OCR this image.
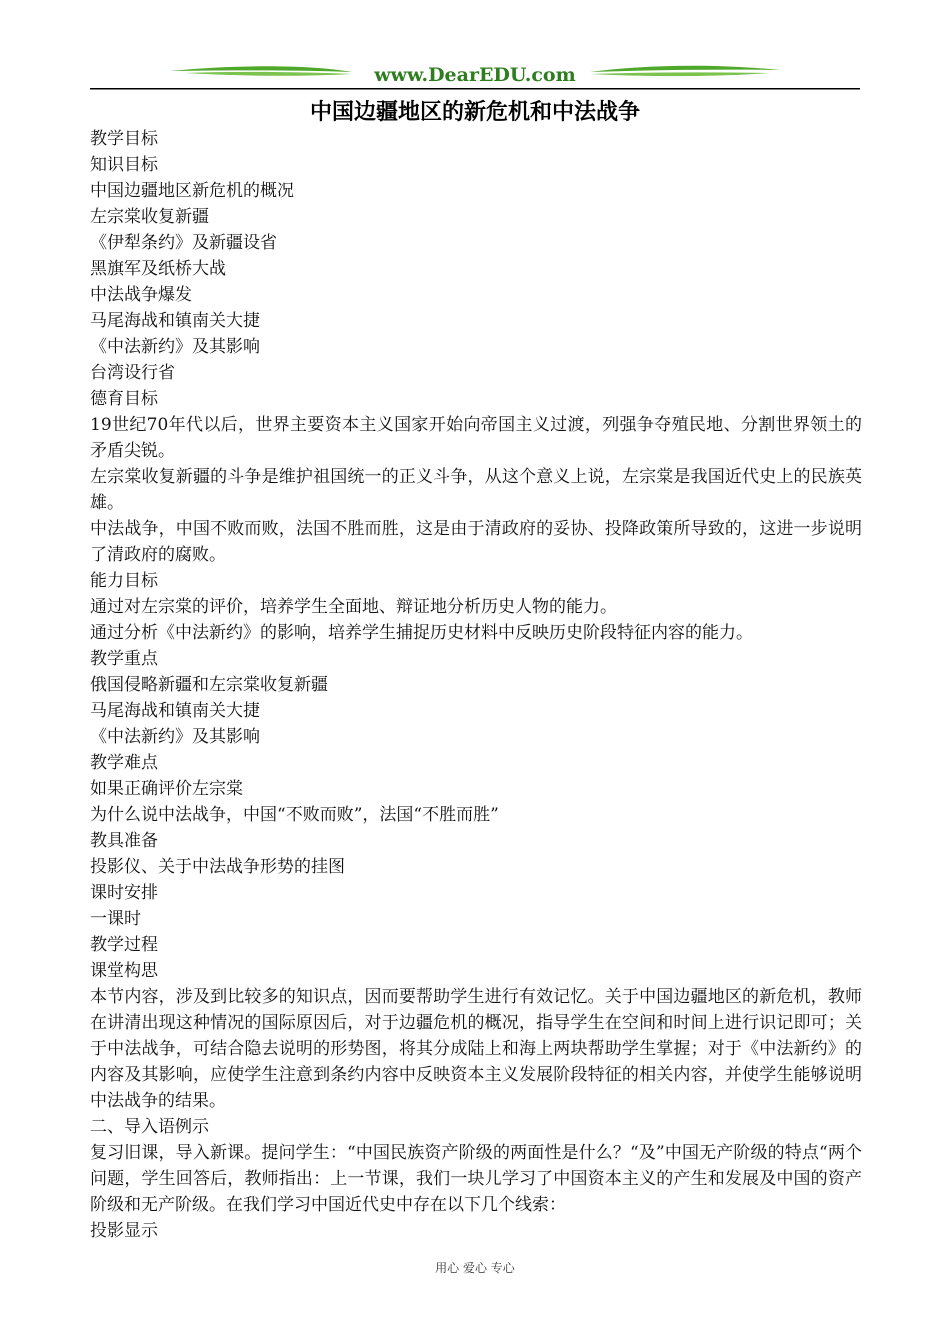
www.DearEDU.com
中国边疆地区的新危机和中法战争

教学目标

知识目标

中国边疆地区新危机的概况

左宗棠收复新疆

《伊犁条约》及新疆设省

黑旗军及纸桥大战

中法战争爆发

马尾海战和镇南关大捷

《中法新约》及其影响

台湾设行省

德育目标

19世纪70年代以后，世界主要资本主义国家开始向帝国主义过渡，列强争夺殖民地、分割世界领土的矛盾尖锐。

左宗棠收复新疆的斗争是维护祖国统一的正义斗争，从这个意义上说，左宗棠是我国近代史上的民族英雄。

中法战争，中国不败而败，法国不胜而胜，这是由于清政府的妥协、投降政策所导致的，这进一步说明了清政府的腐败。

能力目标

通过对左宗棠的评价，培养学生全面地、辩证地分析历史人物的能力。

通过分析《中法新约》的影响，培养学生捕捉历史材料中反映历史阶段特征内容的能力。

教学重点

俄国侵略新疆和左宗棠收复新疆

马尾海战和镇南关大捷

《中法新约》及其影响

教学难点

如果正确评价左宗棠

为什么说中法战争，中国“不败而败”，法国“不胜而胜”

教具准备

投影仪、关于中法战争形势的挂图

课时安排

一课时

教学过程

课堂构思

本节内容，涉及到比较多的知识点，因而要帮助学生进行有效记忆。关于中国边疆地区的新危机，教师在讲清出现这种情况的国际原因后，对于边疆危机的概况，指导学生在空间和时间上进行识记即可；关于中法战争，可结合隐去说明的形势图，将其分成陆上和海上两块帮助学生掌握；对于《中法新约》的内容及其影响，应使学生注意到条约内容中反映资本主义发展阶段特征的相关内容，并使学生能够说明中法战争的结果。

二、导入语例示

复习旧课，导入新课。提问学生：“中国民族资产阶级的两面性是什么？“及”中国无产阶级的特点“两个问题，学生回答后，教师指出：上一节课，我们一块儿学习了中国资本主义的产生和发展及中国的资产阶级和无产阶级。在我们学习中国近代史中存在以下几个线索：

投影显示

用心 爱心 专心
